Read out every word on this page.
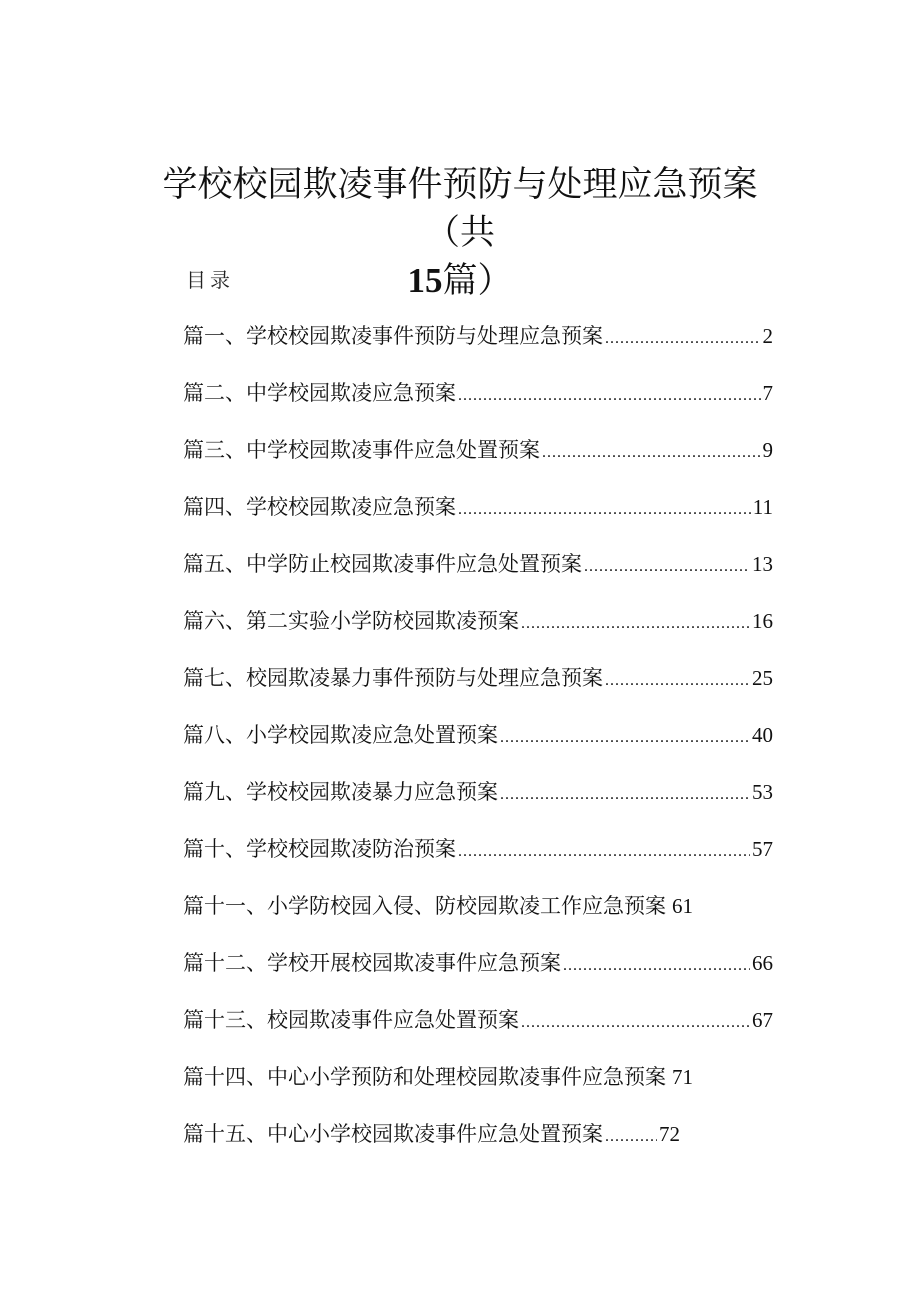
学校校园欺凌事件预防与处理应急预案（共
15篇）
目录
篇一、学校校园欺凌事件预防与处理应急预案 .....	2
篇二、中学校园欺凌应急预案 .....	7
篇三、中学校园欺凌事件应急处置预案 .....	9
篇四、学校校园欺凌应急预案 .....	11
篇五、中学防止校园欺凌事件应急处置预案 .....	13
篇六、第二实验小学防校园欺凌预案 .....	16
篇七、校园欺凌暴力事件预防与处理应急预案 .....	25
篇八、小学校园欺凌应急处置预案 .....	40
篇九、学校校园欺凌暴力应急预案 .....	53
篇十、学校校园欺凌防治预案 .....	57
篇十一、小学防校园入侵、防校园欺凌工作应急预案 61
篇十二、学校开展校园欺凌事件应急预案 .....	66
篇十三、校园欺凌事件应急处置预案 .....	67
篇十四、中心小学预防和处理校园欺凌事件应急预案 71
篇十五、中心小学校园欺凌事件应急处置预案 .....	72
